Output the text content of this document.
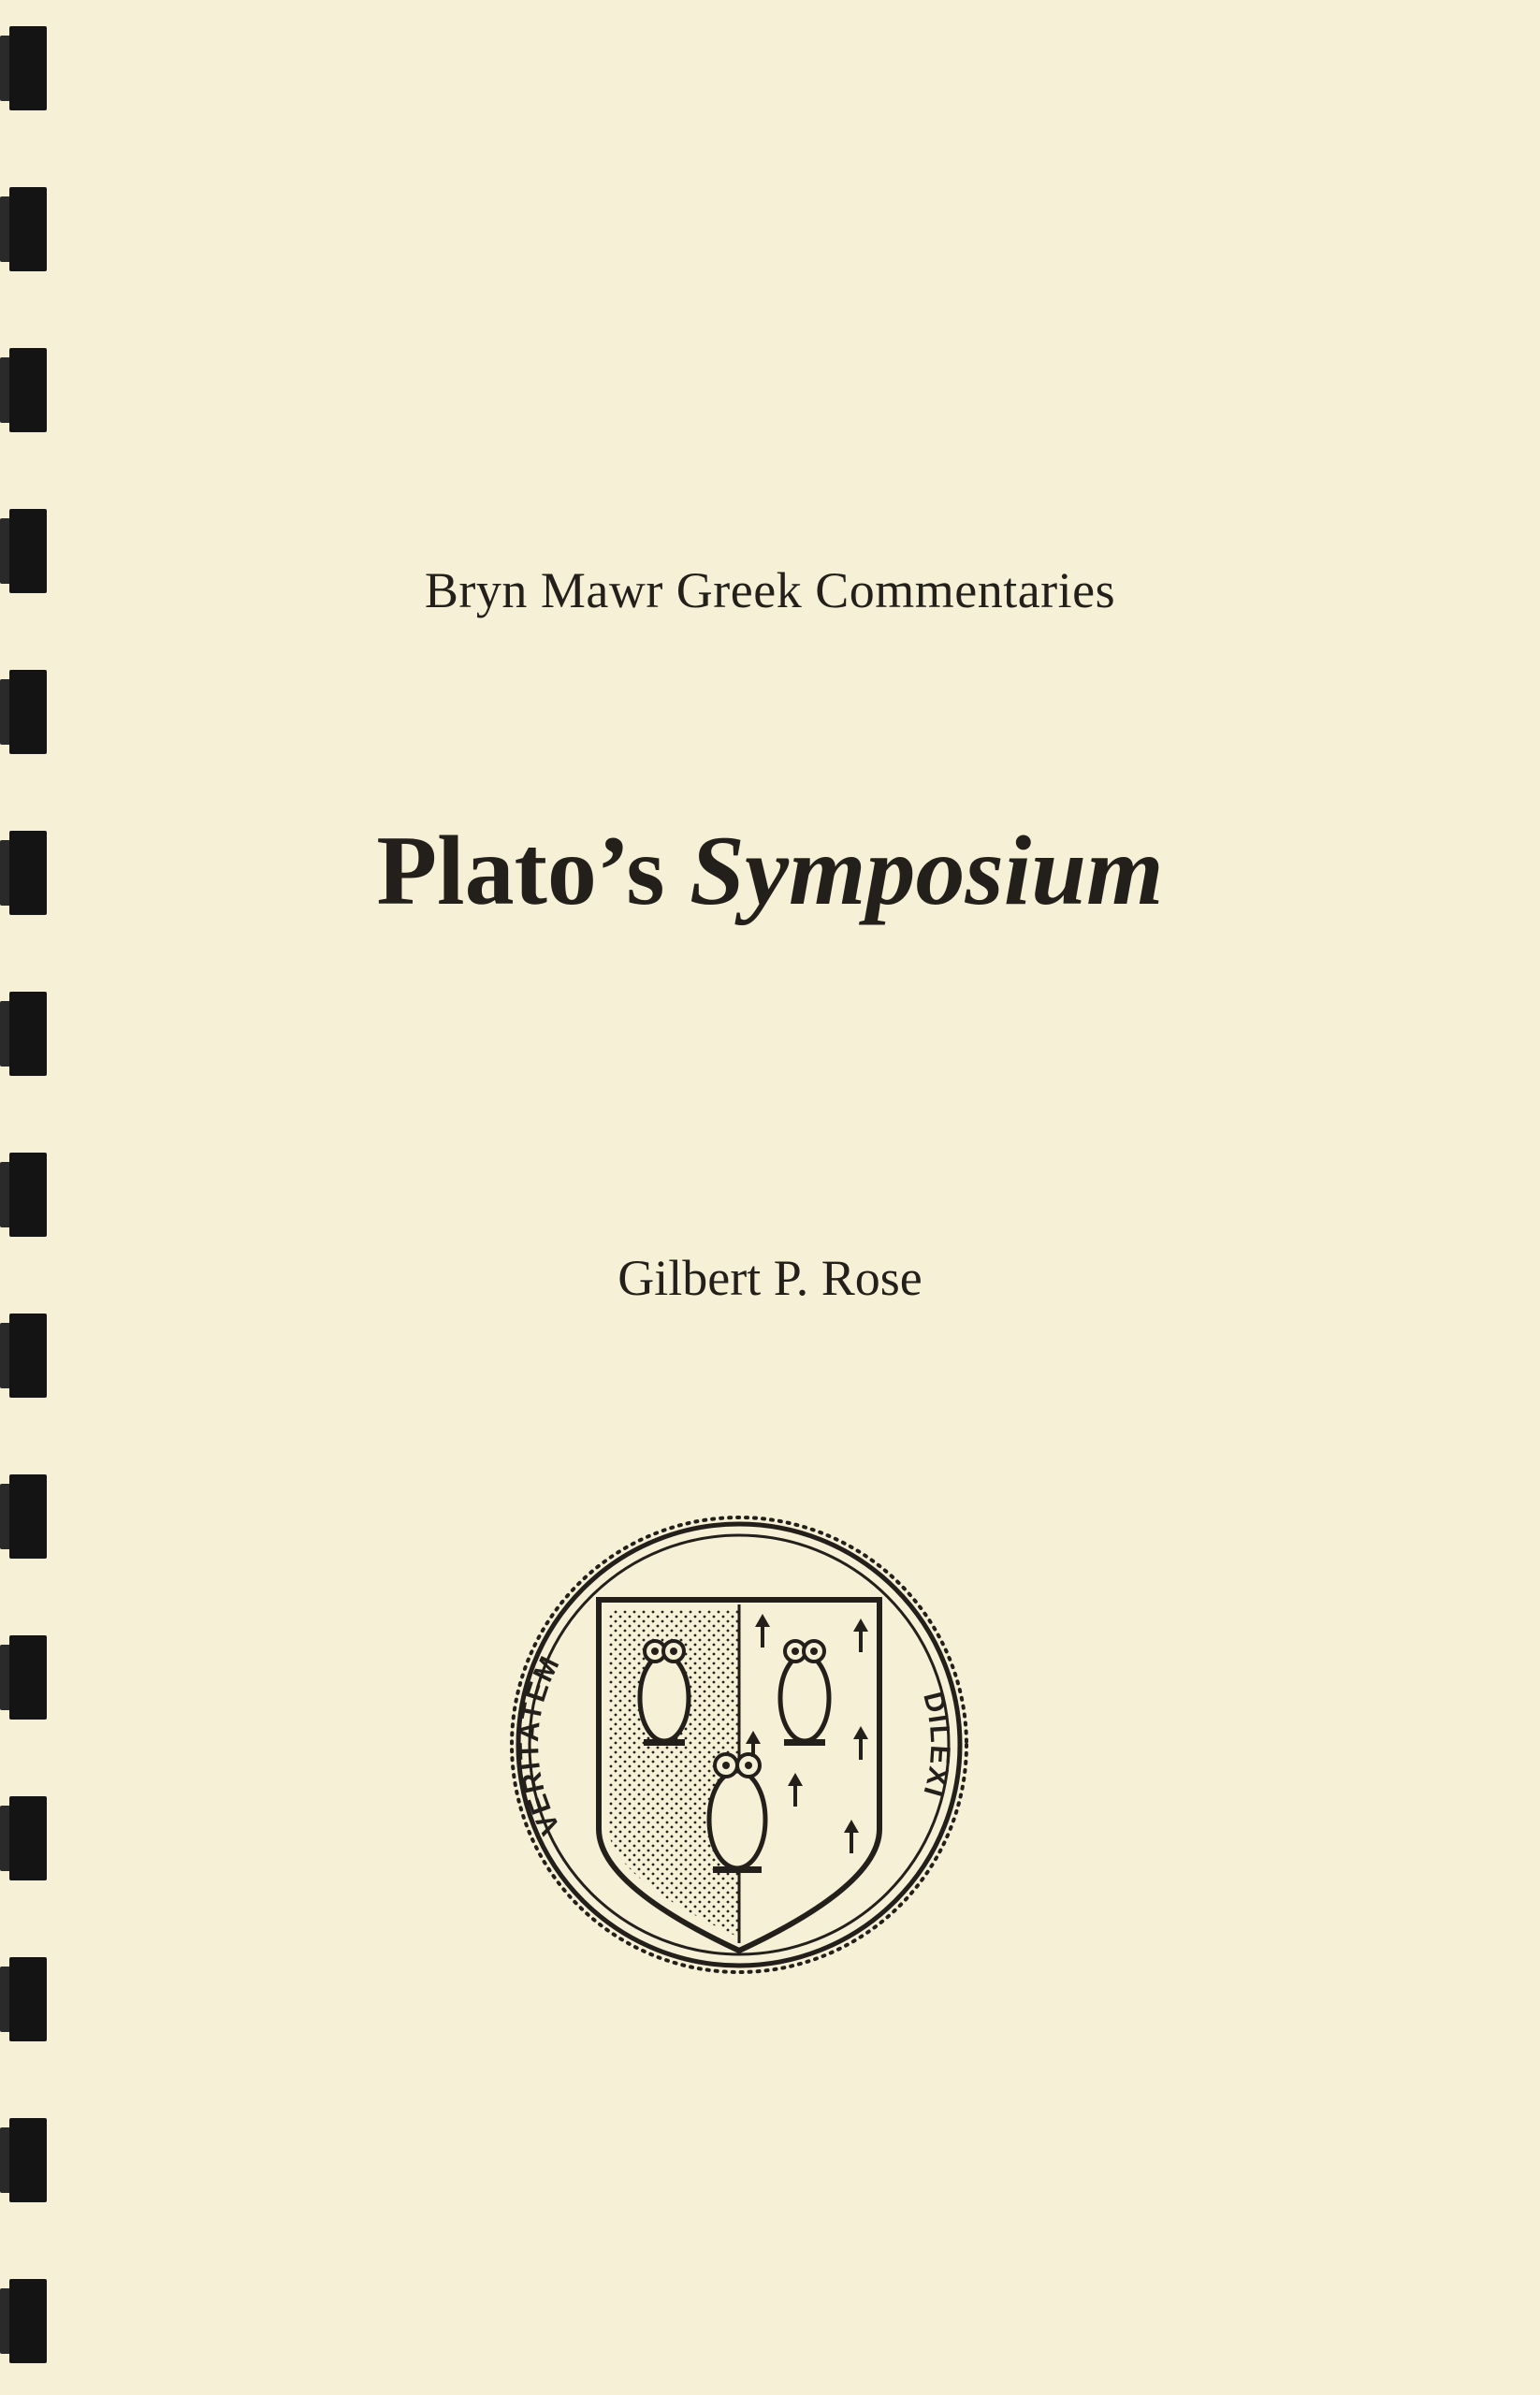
Bryn Mawr Greek Commentaries
Plato’s Symposium
Gilbert P. Rose
VERITATEM
DILEXI
